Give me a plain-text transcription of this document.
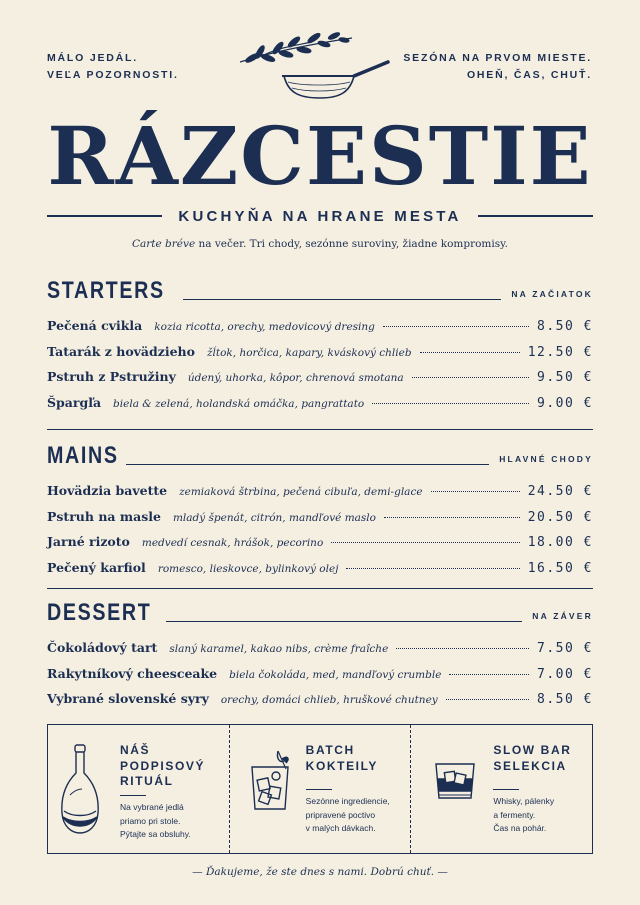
MÁLO JEDÁL.
VEĽA POZORNOSTI.
SEZÓNA NA PRVOM MIESTE.
OHEŇ, ČAS, CHUŤ.
RÁZCESTIE
KUCHYŇA NA HRANE MESTA
Carte bréve na večer. Tri chody, sezónne suroviny, žiadne kompromisy.
STARTERS	NA ZAČIATOK
Pečená cvikla kozia ricotta, orechy, medovicový dresing	8.50 €
Tatarák z hovädzieho žĺtok, horčica, kapary, kváskový chlieb	12.50 €
Pstruh z Pstružiny údený, uhorka, kôpor, chrenová smotana	9.50 €
Špargľa biela & zelená, holandská omáčka, pangrattato	9.00 €
MAINS	HLAVNÉ CHODY
Hovädzia bavette zemiaková štrbina, pečená cibuľa, demi-glace	24.50 €
Pstruh na masle mladý špenát, citrón, mandľové maslo	20.50 €
Jarné rizoto medvedí cesnak, hrášok, pecorino	18.00 €
Pečený karfiol romesco, lieskovce, bylinkový olej	16.50 €
DESSERT	NA ZÁVER
Čokoládový tart slaný karamel, kakao nibs, crème fraîche	7.50 €
Rakytníkový cheesceake biela čokoláda, med, mandľový crumble	7.00 €
Vybrané slovenské syry orechy, domáci chlieb, hruškové chutney	8.50 €
NÁŠ
PODPISOVÝ
RITUÁL
Na vybrané jedlá
priamo pri stole.
Pýtajte sa obsluhy.
BATCH
KOKTEILY
Sezónne ingrediencie,
pripravené poctivo
v malých dávkach.
SLOW BAR
SELEKCIA
Whisky, pálenky
a fermenty.
Čas na pohár.
— Ďakujeme, že ste dnes s nami. Dobrú chuť. —
